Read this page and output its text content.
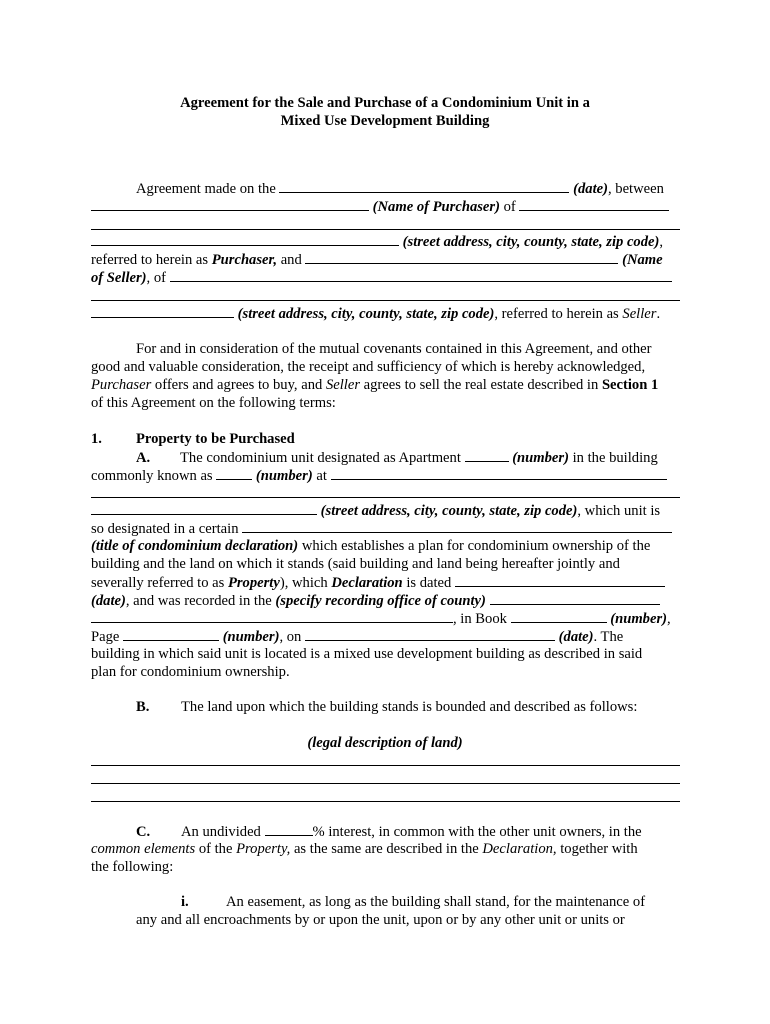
Agreement for the Sale and Purchase of a Condominium Unit in a
Mixed Use Development Building
Agreement made on the	(date), between
(Name of Purchaser) of
(street address, city, county, state, zip code),
referred to herein as Purchaser, and	(Name
of Seller), of
(street address, city, county, state, zip code), referred to herein as Seller.
For and in consideration of the mutual covenants contained in this Agreement, and other
good and valuable consideration, the receipt and sufficiency of which is hereby acknowledged,
Purchaser offers and agrees to buy, and Seller agrees to sell the real estate described in Section 1
of this Agreement on the following terms:
1.	Property to be Purchased
A. The condominium unit designated as Apartment	(number) in the building
commonly known as	(number) at
(street address, city, county, state, zip code), which unit is
so designated in a certain
(title of condominium declaration) which establishes a plan for condominium ownership of the
building and the land on which it stands (said building and land being hereafter jointly and
severally referred to as Property), which Declaration is dated
(date), and was recorded in the (specify recording office of county)
, in Book	(number),
Page	(number), on	(date). The
building in which said unit is located is a mixed use development building as described in said
plan for condominium ownership.
B.	The land upon which the building stands is bounded and described as follows:
(legal description of land)
C. An undivided	% interest, in common with the other unit owners, in the
common elements of the Property, as the same are described in the Declaration, together with
the following:
i.	An easement, as long as the building shall stand, for the maintenance of
any and all encroachments by or upon the unit, upon or by any other unit or units or
